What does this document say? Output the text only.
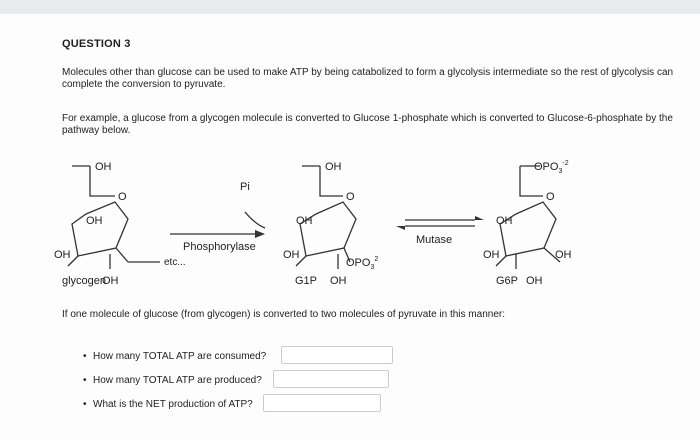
QUESTION 3
Molecules other than glucose can be used to make ATP by being catabolized to form a glycolysis intermediate so the rest of glycolysis can complete the conversion to pyruvate.
For example, a glucose from a glycogen molecule is converted to Glucose 1-phosphate which is converted to Glucose-6-phosphate by the pathway below.
OH
O
OH
OH
etc...
glycogen
OH
Pi
Phosphorylase
OH
O
OH
OH
$OPO_3^2$
G1P OH
Mutase
$OPO_3^{-2}$
O
OH
OH	OH
G6P OH
If one molecule of glucose (from glycogen) is converted to two molecules of pyruvate in this manner:
• How many TOTAL ATP are consumed?
• How many TOTAL ATP are produced?
• What is the NET production of ATP?
